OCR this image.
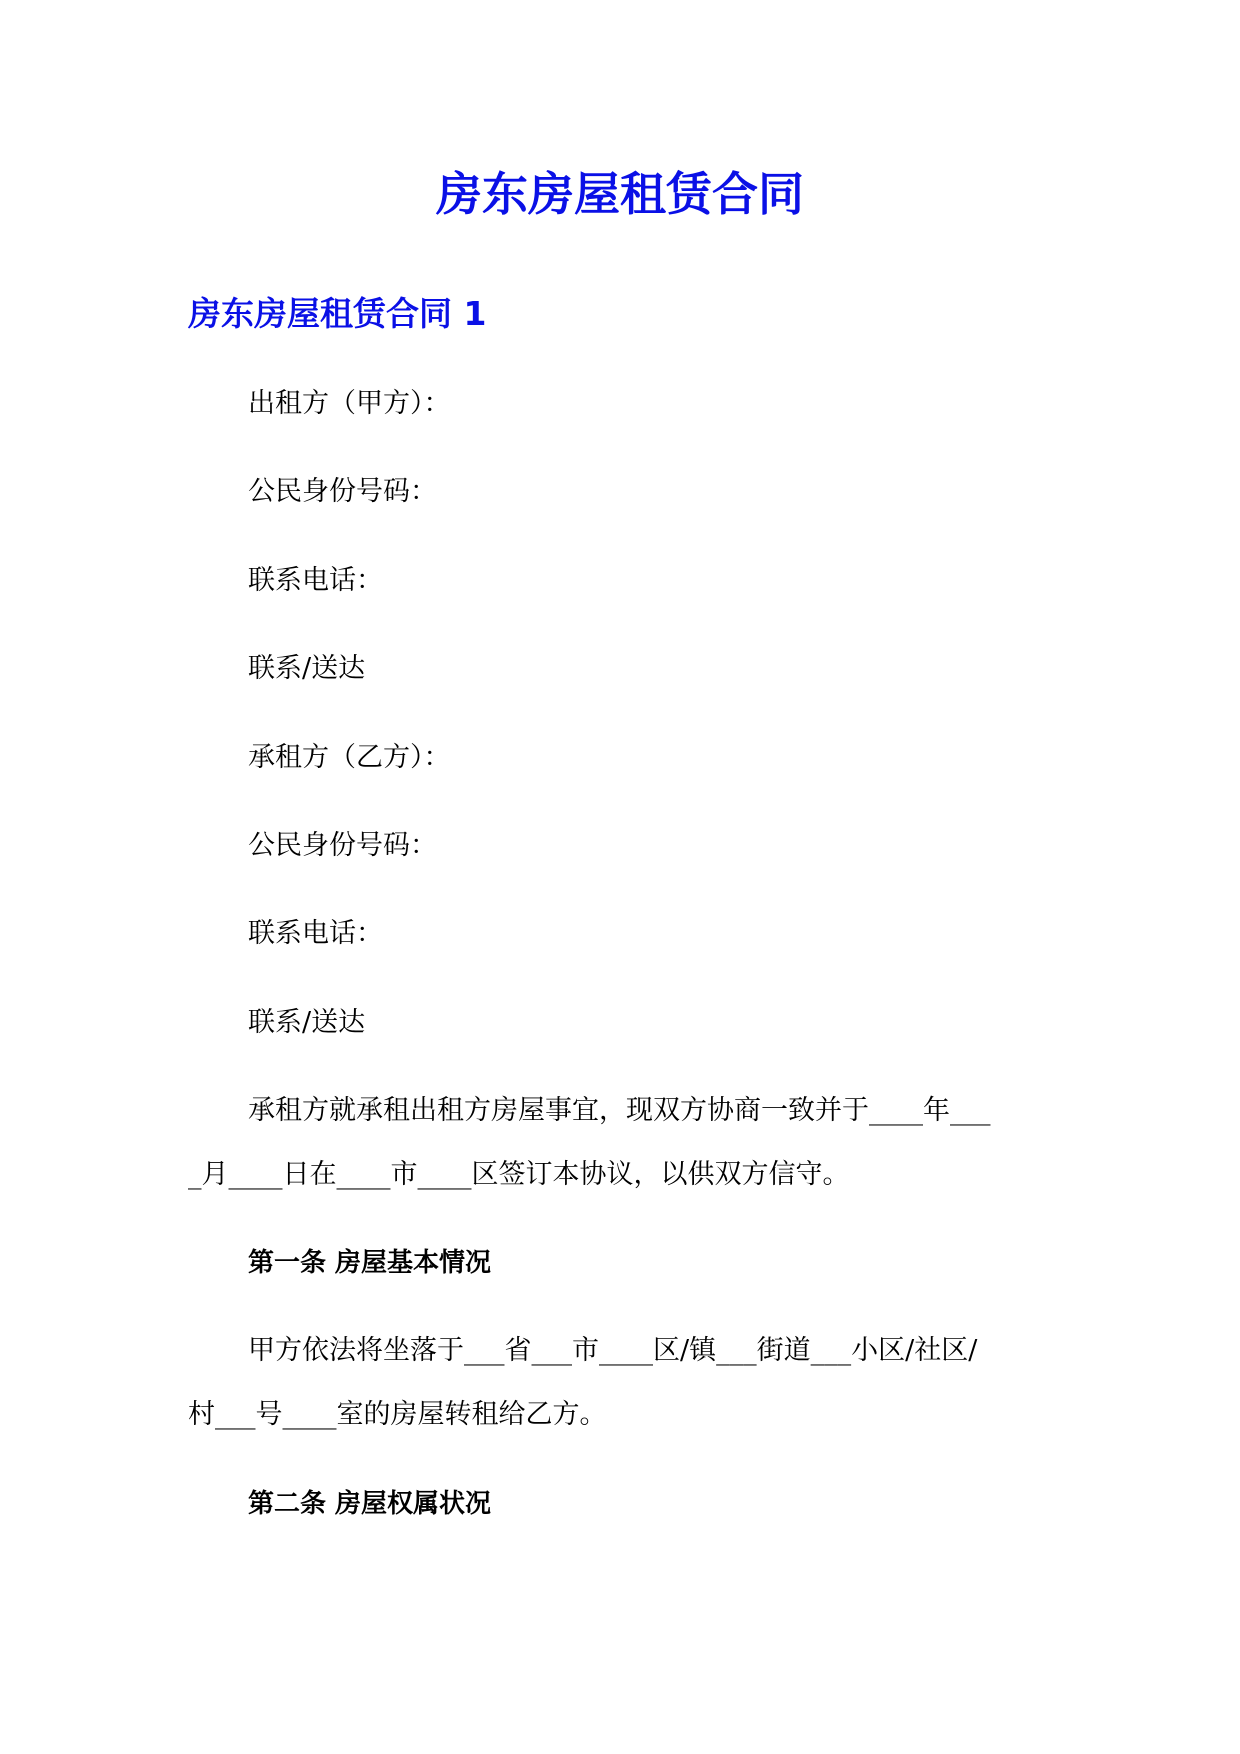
房东房屋租赁合同
房东房屋租赁合同 1

出租方（甲方）：

公民身份号码：

联系电话：

联系/送达

承租方（乙方）：

公民身份号码：

联系电话：

联系/送达

承租方就承租出租方房屋事宜，现双方协商一致并于____年___

_月____日在____市____区签订本协议，以供双方信守。

第一条 房屋基本情况

甲方依法将坐落于___省___市____区/镇___街道___小区/社区/

村___号____室的房屋转租给乙方。

第二条 房屋权属状况
